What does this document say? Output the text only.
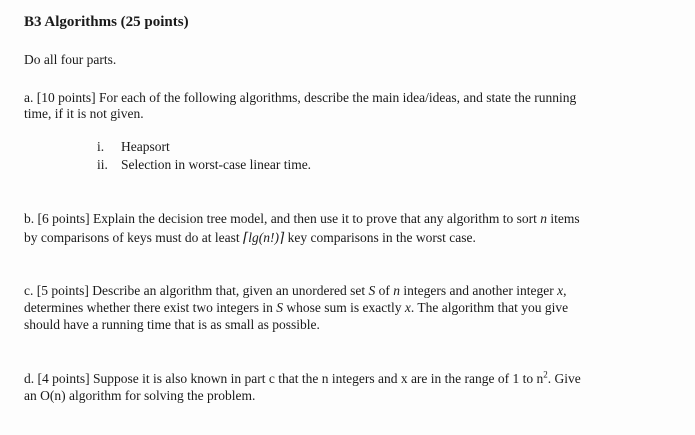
B3 Algorithms (25 points)
Do all four parts.
a. [10 points] For each of the following algorithms, describe the main idea/ideas, and state the running
time, if it is not given.
i. Heapsort
ii. Selection in worst-case linear time.
b. [6 points] Explain the decision tree model, and then use it to prove that any algorithm to sort n items
by comparisons of keys must do at least ⌈lg(n!)⌉ key comparisons in the worst case.
c. [5 points] Describe an algorithm that, given an unordered set S of n integers and another integer x,
determines whether there exist two integers in S whose sum is exactly x. The algorithm that you give
should have a running time that is as small as possible.
d. [4 points] Suppose it is also known in part c that the n integers and x are in the range of 1 to $n^2$. Give
an O(n) algorithm for solving the problem.
